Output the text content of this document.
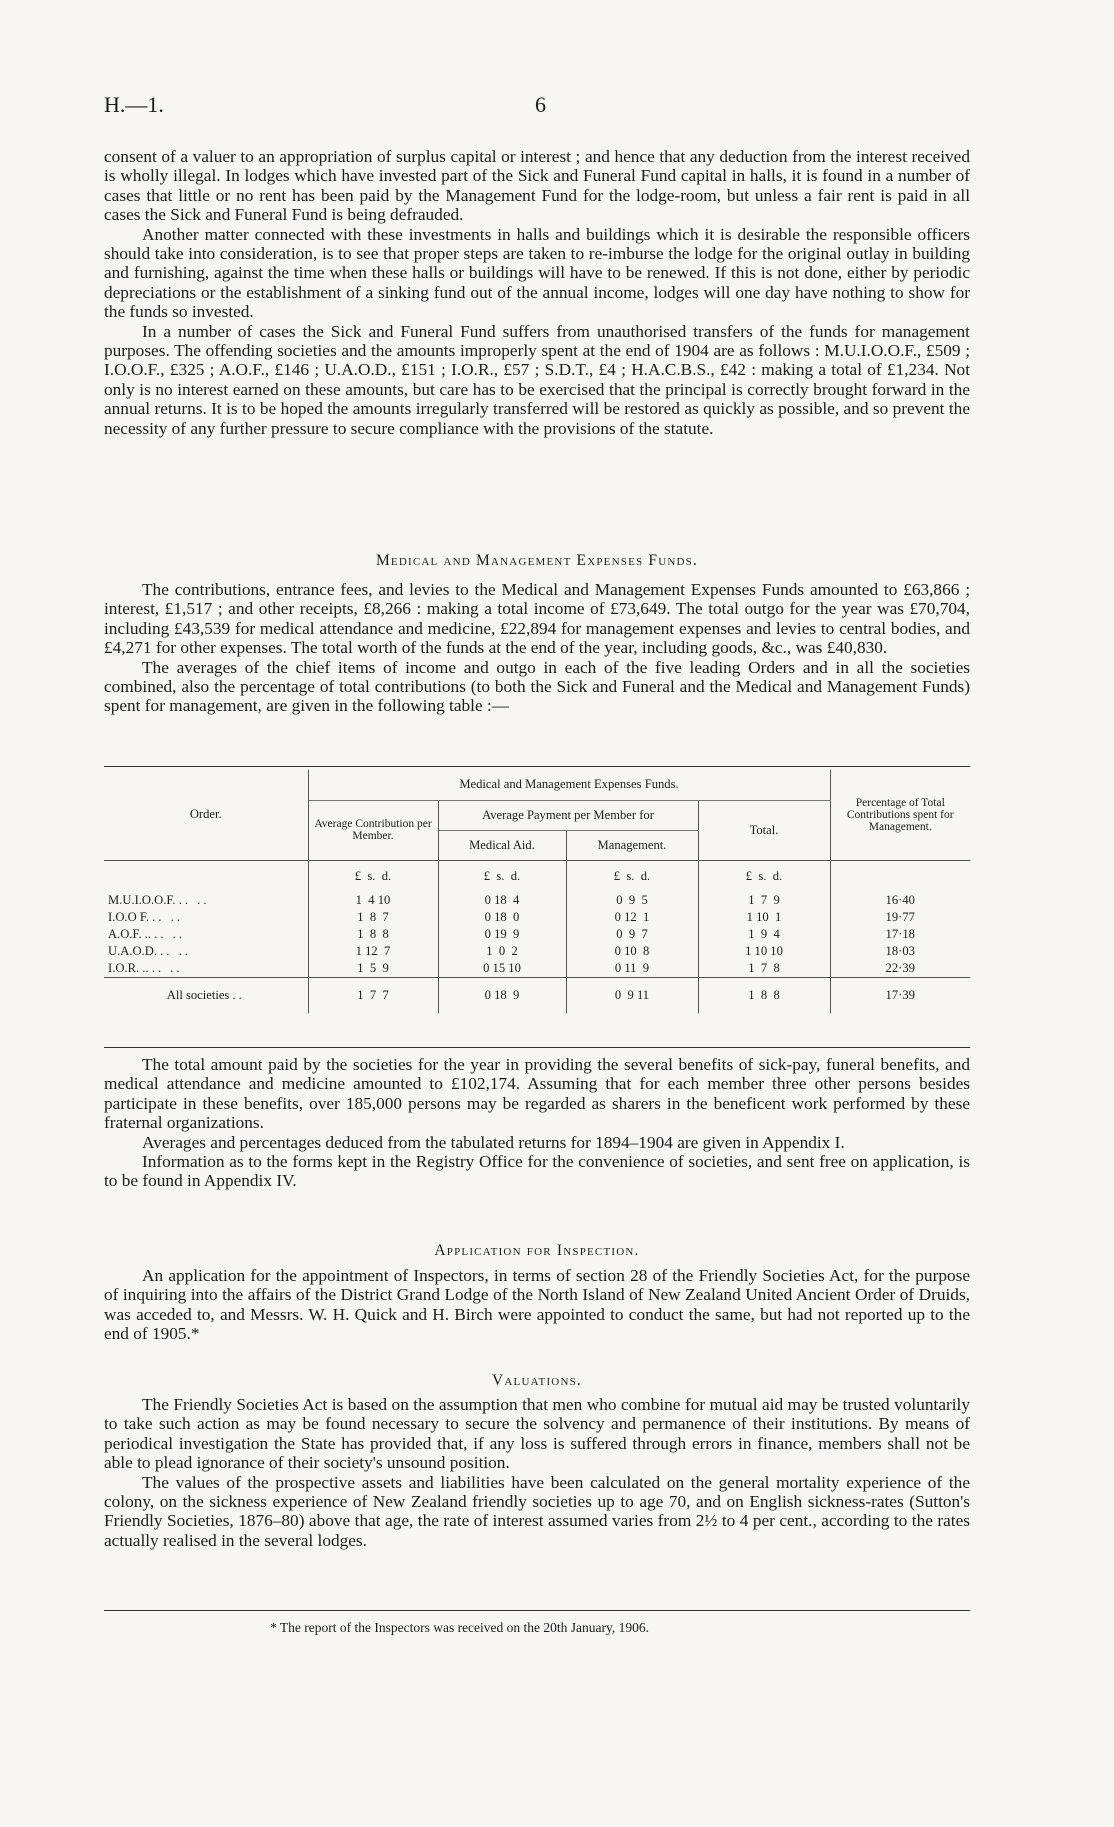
H.—1.	6

consent of a valuer to an appropriation of surplus capital or interest ; and hence that any deduction from the interest received is wholly illegal. In lodges which have invested part of the Sick and Funeral Fund capital in halls, it is found in a number of cases that little or no rent has been paid by the Management Fund for the lodge-room, but unless a fair rent is paid in all cases the Sick and Funeral Fund is being defrauded.

Another matter connected with these investments in halls and buildings which it is desirable the responsible officers should take into consideration, is to see that proper steps are taken to re-imburse the lodge for the original outlay in building and furnishing, against the time when these halls or buildings will have to be renewed. If this is not done, either by periodic depreciations or the establishment of a sinking fund out of the annual income, lodges will one day have nothing to show for the funds so invested.

In a number of cases the Sick and Funeral Fund suffers from unauthorised transfers of the funds for management purposes. The offending societies and the amounts improperly spent at the end of 1904 are as follows : M.U.I.O.O.F., £509 ; I.O.O.F., £325 ; A.O.F., £146 ; U.A.O.D., £151 ; I.O.R., £57 ; S.D.T., £4 ; H.A.C.B.S., £42 : making a total of £1,234. Not only is no interest earned on these amounts, but care has to be exercised that the principal is correctly brought forward in the annual returns. It is to be hoped the amounts irregularly transferred will be restored as quickly as possible, and so prevent the necessity of any further pressure to secure compliance with the provisions of the statute.

Medical and Management Expenses Funds.

The contributions, entrance fees, and levies to the Medical and Management Expenses Funds amounted to £63,866 ; interest, £1,517 ; and other receipts, £8,266 : making a total income of £73,649. The total outgo for the year was £70,704, including £43,539 for medical attendance and medicine, £22,894 for management expenses and levies to central bodies, and £4,271 for other expenses. The total worth of the funds at the end of the year, including goods, &c., was £40,830.

The averages of the chief items of income and outgo in each of the five leading Orders and in all the societies combined, also the percentage of total contributions (to both the Sick and Funeral and the Medical and Management Funds) spent for management, are given in the following table :—

Order.	Medical and Management Expenses Funds.				Percentage of Total Contributions spent for Management.
	Average Contribution per Member.	Average Payment per Member for		Total.	
		Medical Aid.	Management.		
	£  s.  d.	£  s.  d.	£  s.  d.	£  s.  d.	
M.U.I.O.O.F. .. ..	1  4 10	0 18  4	0  9  5	1  7  9	16·40
I.O.O F. .. ..	1  8  7	0 18  0	0 12  1	1 10  1	19·77
A.O.F. .. .. ..	1  8  8	0 19  9	0  9  7	1  9  4	17·18
U.A.O.D. .. ..	1 12  7	1  0  2	0 10  8	1 10 10	18·03
I.O.R. .. .. ..	1  5  9	0 15 10	0 11  9	1  7  8	22·39
All societies ..	1  7  7	0 18  9	0  9 11	1  8  8	17·39

The total amount paid by the societies for the year in providing the several benefits of sick-pay, funeral benefits, and medical attendance and medicine amounted to £102,174. Assuming that for each member three other persons besides participate in these benefits, over 185,000 persons may be regarded as sharers in the beneficent work performed by these fraternal organizations.

Averages and percentages deduced from the tabulated returns for 1894–1904 are given in Appendix I.

Information as to the forms kept in the Registry Office for the convenience of societies, and sent free on application, is to be found in Appendix IV.

Application for Inspection.

An application for the appointment of Inspectors, in terms of section 28 of the Friendly Societies Act, for the purpose of inquiring into the affairs of the District Grand Lodge of the North Island of New Zealand United Ancient Order of Druids, was acceded to, and Messrs. W. H. Quick and H. Birch were appointed to conduct the same, but had not reported up to the end of 1905.*

Valuations.

The Friendly Societies Act is based on the assumption that men who combine for mutual aid may be trusted voluntarily to take such action as may be found necessary to secure the solvency and permanence of their institutions. By means of periodical investigation the State has provided that, if any loss is suffered through errors in finance, members shall not be able to plead ignorance of their society's unsound position.

The values of the prospective assets and liabilities have been calculated on the general mortality experience of the colony, on the sickness experience of New Zealand friendly societies up to age 70, and on English sickness-rates (Sutton's Friendly Societies, 1876–80) above that age, the rate of interest assumed varies from 2½ to 4 per cent., according to the rates actually realised in the several lodges.

* The report of the Inspectors was received on the 20th January, 1906.
